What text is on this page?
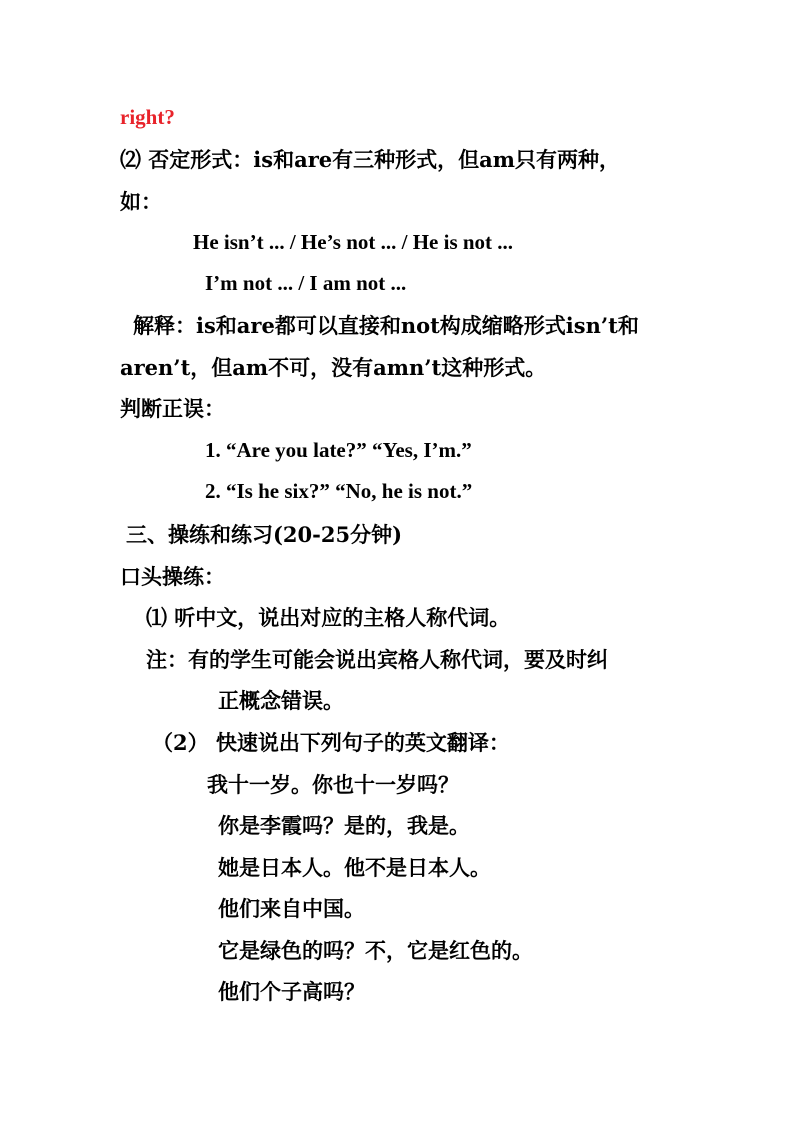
right?
⑵ 否定形式：is和are有三种形式，但am只有两种，
如：
He isn’t ... / He’s not ... / He is not ...
I’m not ... / I am not ...
解释：is和are都可以直接和not构成缩略形式isn’t和
aren’t，但am不可，没有amn’t这种形式。
判断正误：
1. “Are you late?” “Yes, I’m.”
2. “Is he six?” “No, he is not.”
三、操练和练习(20-25分钟)
口头操练：
⑴ 听中文，说出对应的主格人称代词。
注：有的学生可能会说出宾格人称代词，要及时纠
正概念错误。
（2） 快速说出下列句子的英文翻译：
我十一岁。你也十一岁吗？
你是李霞吗？是的，我是。
她是日本人。他不是日本人。
他们来自中国。
它是绿色的吗？不，它是红色的。
他们个子高吗？
